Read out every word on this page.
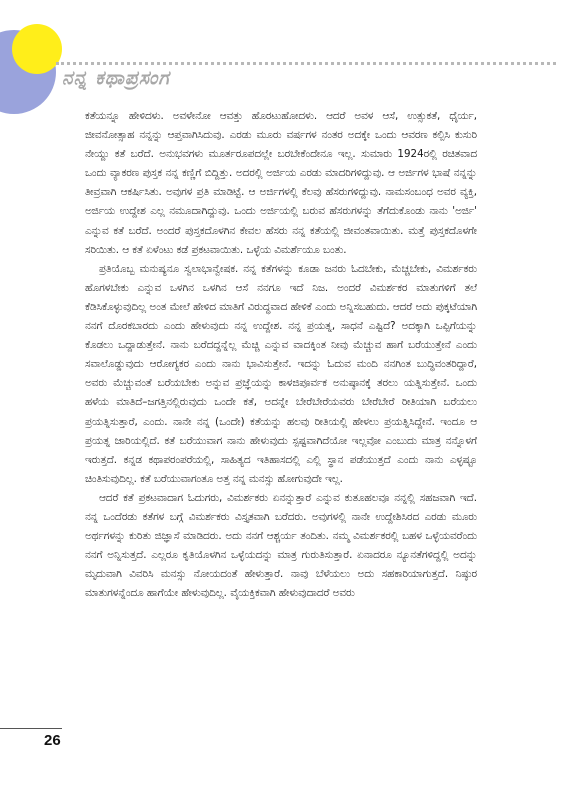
ನನ್ನ ಕಥಾಪ್ರಸಂಗ

ಕತೆಯನ್ನೂ ಹೇಳಿದಳು. ಅವಳೇನೋ ಆವತ್ತು ಹೊರಟುಹೋದಳು. ಆದರೆ ಅವಳ ಆಸೆ, ಉತ್ಸುಕತೆ, ಧೈರ್ಯ, ಜೀವನೋತ್ಸಾಹ ನನ್ನನ್ನು ಆಪ್ತವಾಗಿಸಿದುವು. ಎರಡು ಮೂರು ವರ್ಷಗಳ ನಂತರ ಅದಕ್ಕೇ ಒಂದು ಆವರಣ ಕಲ್ಪಿಸಿ ಕುಸುರಿ ನೇಯ್ದು ಕತೆ ಬರೆದೆ. ಅನುಭವಗಳು ಮೂರ್ತರೂಪದಲ್ಲೇ ಬರಬೇಕೆಂದೇನೂ ಇಲ್ಲ. ಸುಮಾರು 1924ರಲ್ಲಿ ರಚಿತವಾದ ಒಂದು ವ್ಯಾಕರಣ ಪುಸ್ತಕ ನನ್ನ ಕಣ್ಣಿಗೆ ಬಿದ್ದಿತ್ತು. ಅದರಲ್ಲಿ ಅರ್ಜಿಯ ಎರಡು ಮಾದರಿಗಳಿದ್ದುವು. ಆ ಅರ್ಜಿಗಳ ಭಾಷೆ ನನ್ನನ್ನು ತೀವ್ರವಾಗಿ ಆಕರ್ಷಿಸಿತು. ಅವುಗಳ ಪ್ರತಿ ಮಾಡಿಟ್ಟೆ. ಆ ಅರ್ಜಿಗಳಲ್ಲಿ ಕೆಲವು ಹೆಸರುಗಳಿದ್ದುವು. ನಾಮಸಂಬಂಧ ಅವರ ವ್ಯಕ್ತಿ, ಅರ್ಜಿಯ ಉದ್ದೇಶ ಎಲ್ಲ ನಮೂದಾಗಿದ್ದುವು. ಒಂದು ಅರ್ಜಿಯಲ್ಲಿ ಬರುವ ಹೆಸರುಗಳನ್ನು ತೆಗೆದುಕೊಂಡು ನಾನು 'ಅರ್ಜಿ' ಎನ್ನುವ ಕತೆ ಬರೆದೆ. ಅಂದರೆ ಪುಸ್ತಕದೊಳಗಿನ ಕೇವಲ ಹೆಸರು ನನ್ನ ಕತೆಯಲ್ಲಿ ಜೀವಂತವಾಯಿತು. ಮತ್ತೆ ಪುಸ್ತಕದೊಳಗೇ ಸರಿಯಿತು. ಆ ಕತೆ ಏಳೆಂಟು ಕಡೆ ಪ್ರಕಟವಾಯಿತು. ಒಳ್ಳೆಯ ವಿಮರ್ಶೆಯೂ ಬಂತು.

ಪ್ರತಿಯೊಬ್ಬ ಮನುಷ್ಯನೂ ಸ್ವಲಾಭಾನ್ವೇಷಕ. ನನ್ನ ಕತೆಗಳನ್ನು ಕೂಡಾ ಜನರು ಓದಬೇಕು, ಮೆಚ್ಚಬೇಕು, ವಿಮರ್ಶಕರು ಹೊಗಳಬೇಕು ಎನ್ನುವ ಒಳಗಿನ ಒಳಗಿನ ಆಸೆ ನನಗೂ ಇದೆ ನಿಜ. ಅಂದರೆ ವಿಮರ್ಶಕರ ಮಾತುಗಳಿಗೆ ತಲೆ ಕೆಡಿಸಿಕೊಳ್ಳುವುದಿಲ್ಲ ಅಂತ ಮೇಲೆ ಹೇಳಿದ ಮಾತಿಗೆ ವಿರುದ್ಧವಾದ ಹೇಳಿಕೆ ಎಂದು ಅನ್ನಿಸಬಹುದು. ಆದರೆ ಅದು ಪುಕ್ಕಟೆಯಾಗಿ ನನಗೆ ದೊರಕಬಾರದು ಎಂದು ಹೇಳುವುದು ನನ್ನ ಉದ್ದೇಶ. ನನ್ನ ಪ್ರಯತ್ನ, ಸಾಧನೆ ಎಷ್ಟಿದೆ? ಅದಕ್ಕಾಗಿ ಒಪ್ಪಿಗೆಯನ್ನು ಕೊಡಲು ಒದ್ದಾಡುತ್ತೇನೆ. ನಾನು ಬರೆದದ್ದನ್ನೆಲ್ಲ ಮೆಚ್ಚಿ ಎನ್ನುವ ವಾದಕ್ಕಿಂತ ನೀವು ಮೆಚ್ಚುವ ಹಾಗೆ ಬರೆಯುತ್ತೇನೆ ಎಂದು ಸವಾಲೊಡ್ಡುವುದು ಆರೋಗ್ಯಕರ ಎಂದು ನಾನು ಭಾವಿಸುತ್ತೇನೆ. ಇದನ್ನು ಓದುವ ಮಂದಿ ನನಗಿಂತ ಬುದ್ಧಿವಂತರಿದ್ದಾರೆ, ಅವರು ಮೆಚ್ಚುವಂತೆ ಬರೆಯಬೇಕು ಅನ್ನುವ ಪ್ರಜ್ಞೆಯನ್ನು ಕಾಳಜಿಪೂರ್ವಕ ಅನುಷ್ಠಾನಕ್ಕೆ ತರಲು ಯತ್ನಿಸುತ್ತೇನೆ. ಒಂದು ಹಳೆಯ ಮಾತಿದೆ–ಜಗತ್ತಿನಲ್ಲಿರುವುದು ಒಂದೇ ಕತೆ, ಅದನ್ನೇ ಬೇರೆಬೇರೆಯವರು ಬೇರೆಬೇರೆ ರೀತಿಯಾಗಿ ಬರೆಯಲು ಪ್ರಯತ್ನಿಸುತ್ತಾರೆ, ಎಂದು. ನಾನೇ ನನ್ನ (ಒಂದೇ) ಕತೆಯನ್ನು ಹಲವು ರೀತಿಯಲ್ಲಿ ಹೇಳಲು ಪ್ರಯತ್ನಿಸಿದ್ದೇನೆ. ಇಂದೂ ಆ ಪ್ರಯತ್ನ ಜಾರಿಯಲ್ಲಿದೆ. ಕತೆ ಬರೆಯುವಾಗ ನಾನು ಹೇಳುವುದು ಸ್ಪಷ್ಟವಾಗಿದೆಯೋ ಇಲ್ಲವೋ ಎಂಬುದು ಮಾತ್ರ ನನ್ನೊಳಗೆ ಇರುತ್ತದೆ. ಕನ್ನಡ ಕಥಾಪರಂಪರೆಯಲ್ಲಿ, ಸಾಹಿತ್ಯದ ಇತಿಹಾಸದಲ್ಲಿ ಎಲ್ಲಿ ಸ್ಥಾನ ಪಡೆಯುತ್ತದೆ ಎಂದು ನಾನು ಎಳ್ಳಷ್ಟೂ ಚಿಂತಿಸುವುದಿಲ್ಲ. ಕತೆ ಬರೆಯುವಾಗಂತೂ ಅತ್ತ ನನ್ನ ಮನಸ್ಸು ಹೋಗುವುದೇ ಇಲ್ಲ.

ಆದರೆ ಕತೆ ಪ್ರಕಟವಾದಾಗ ಓದುಗರು, ವಿಮರ್ಶಕರು ಏನನ್ನುತ್ತಾರೆ ಎನ್ನುವ ಕುತೂಹಲವೂ ನನ್ನಲ್ಲಿ ಸಹಜವಾಗಿ ಇದೆ. ನನ್ನ ಒಂದೆರಡು ಕತೆಗಳ ಬಗ್ಗೆ ವಿಮರ್ಶಕರು ವಿಸ್ತೃತವಾಗಿ ಬರೆದರು. ಅವುಗಳಲ್ಲಿ ನಾನೇ ಉದ್ದೇಶಿಸಿರದ ಎರಡು ಮೂರು ಅರ್ಥಗಳನ್ನು ಕುರಿತು ಜಿಜ್ಞಾಸೆ ಮಾಡಿದರು. ಅದು ನನಗೆ ಆಶ್ಚರ್ಯ ತಂದಿತು. ನಮ್ಮ ವಿಮರ್ಶಕರಲ್ಲಿ ಬಹಳ ಒಳ್ಳೆಯವರೆಂದು ನನಗೆ ಅನ್ನಿಸುತ್ತದೆ. ಎಲ್ಲರೂ ಕೃತಿಯೊಳಗಿನ ಒಳ್ಳೆಯದನ್ನು ಮಾತ್ರ ಗುರುತಿಸುತ್ತಾರೆ. ಏನಾದರೂ ನ್ಯೂನತೆಗಳಿದ್ದಲ್ಲಿ ಅದನ್ನು ಮೃದುವಾಗಿ ವಿವರಿಸಿ ಮನಸ್ಸು ನೋಯದಂತೆ ಹೇಳುತ್ತಾರೆ. ನಾವು ಬೆಳೆಯಲು ಅದು ಸಹಕಾರಿಯಾಗುತ್ತದೆ. ನಿಷ್ಠುರ ಮಾತುಗಳನ್ನೆಂದೂ ಹಾಗೆಯೇ ಹೇಳುವುದಿಲ್ಲ. ವೈಯಕ್ತಿಕವಾಗಿ ಹೇಳುವುದಾದರೆ ಅವರು

26
